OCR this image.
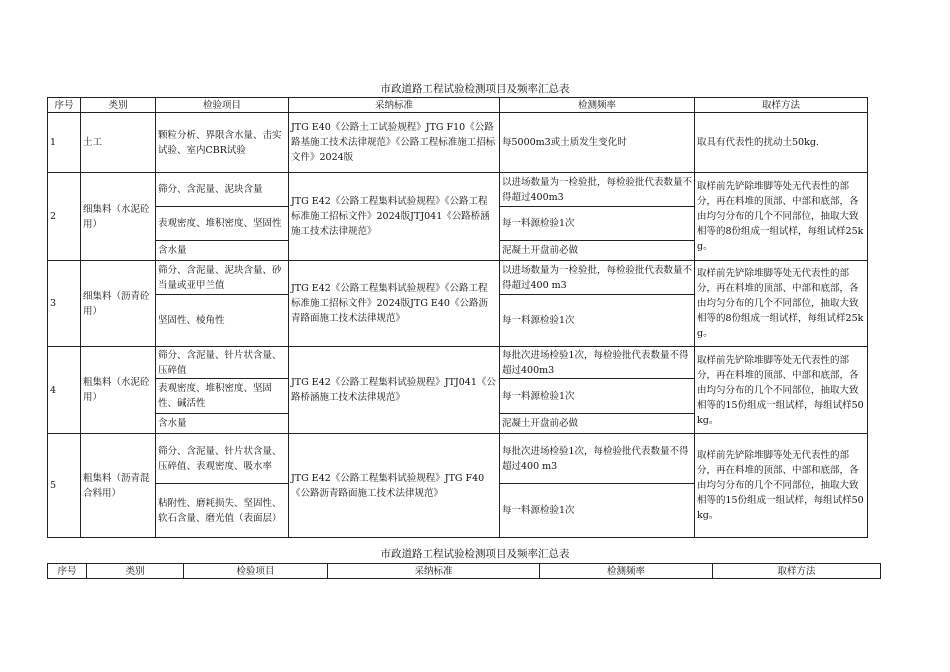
市政道路工程试验检测项目及频率汇总表
序号	类别	检验项目	采纳标准	检测频率	取样方法
1	土工	颗粒分析、界限含水量、击实试验、室内CBR试验	JTG E40《公路土工试验规程》JTG F10《公路路基施工技术法律规范》《公路工程标准施工招标文件》2024版	每5000m3或土质发生变化时	取具有代表性的扰动土50kg.
2	细集料（水泥砼用）	筛分、含泥量、泥块含量	JTG E42《公路工程集料试验规程》《公路工程标准施工招标文件》2024版JTJ041《公路桥涵施工技术法律规范》	以进场数量为一检验批，每检验批代表数量不得超过400m3	取样前先铲除堆脚等处无代表性的部分，再在料堆的顶部、中部和底部，各由均匀分布的几个不同部位，抽取大致相等的8份组成一组试样，每组试样25kg。
		表观密度、堆积密度、坚固性		每一料源检验1次	
		含水量		泥凝土开盘前必做	
3	细集料（沥青砼用）	筛分、含泥量、泥块含量、砂当量或亚甲兰值	JTG E42《公路工程集料试验规程》《公路工程标准施工招标文件》2024版JTG E40《公路沥青路面施工技术法律规范》	以进场数量为一检验批，每检验批代表数量不得超过400 m3	取样前先铲除堆脚等处无代表性的部分，再在料堆的顶部、中部和底部，各由均匀分布的几个不同部位，抽取大致相等的8份组成一组试样，每组试样25kg。
		坚固性、棱角性		每一料源检验1次	
4	粗集料（水泥砼用）	筛分、含泥量、针片状含量、压碎值	JTG E42《公路工程集料试验规程》JTJ041《公路桥涵施工技术法律规范》	每批次进场检验1次，每检验批代表数量不得超过400m3	取样前先铲除堆脚等处无代表性的部分，再在料堆的顶部、中部和底部，各由均匀分布的几个不同部位，抽取大致相等的15份组成一组试样，每组试样50kg。
		表观密度、堆积密度、坚固性、碱活性		每一料源检验1次	
		含水量		泥凝土开盘前必做	
5	粗集料（沥青混合料用）	筛分、含泥量、针片状含量、压碎值、表观密度、吸水率	JTG E42《公路工程集料试验规程》JTG F40《公路沥青路面施工技术法律规范》	每批次进场检验1次，每检验批代表数量不得超过400 m3	取样前先铲除堆脚等处无代表性的部分，再在料堆的顶部、中部和底部，各由均匀分布的几个不同部位，抽取大致相等的15份组成一组试样，每组试样50kg。
		粘附性、磨耗损失、坚固性、软石含量、磨光值（表面层）		每一料源检验1次	
市政道路工程试验检测项目及频率汇总表
序号	类别	检验项目	采纳标准	检测频率	取样方法
